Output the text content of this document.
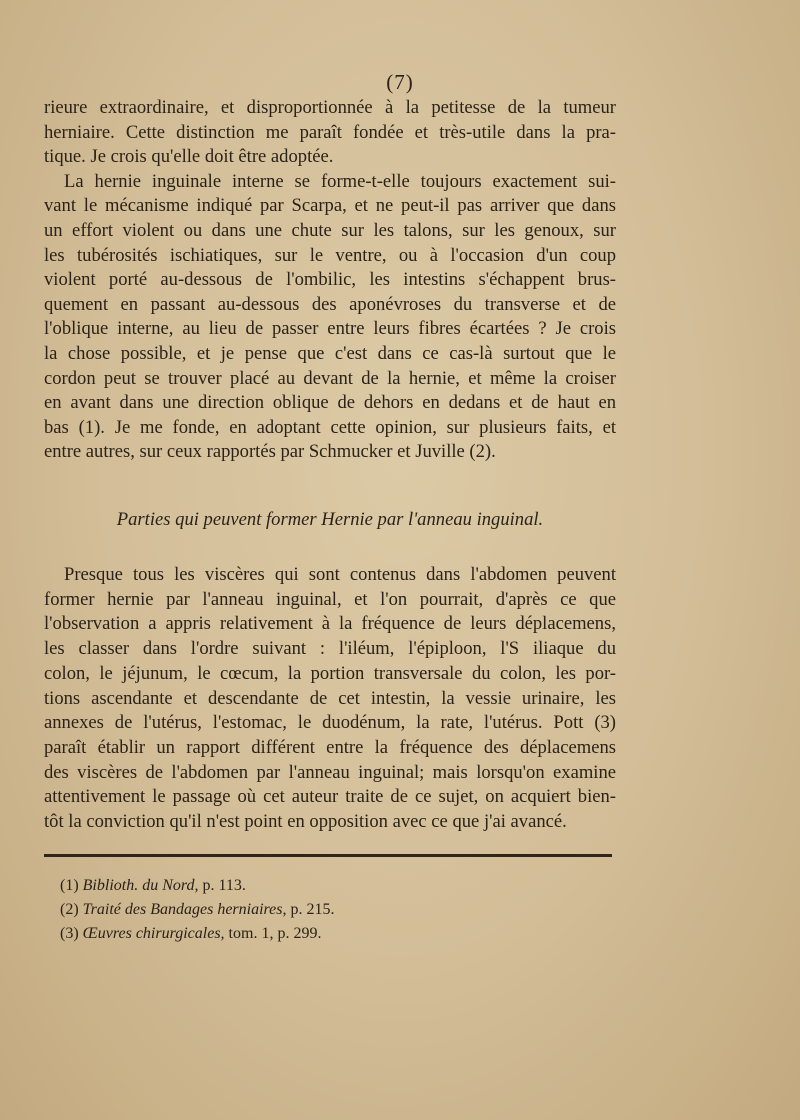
(7)
rieure extraordinaire, et disproportionnée à la petitesse de la tumeur
herniaire. Cette distinction me paraît fondée et très-utile dans la pra-
tique. Je crois qu'elle doit être adoptée.
La hernie inguinale interne se forme-t-elle toujours exactement sui-
vant le mécanisme indiqué par Scarpa, et ne peut-il pas arriver que dans
un effort violent ou dans une chute sur les talons, sur les genoux, sur
les tubérosités ischiatiques, sur le ventre, ou à l'occasion d'un coup
violent porté au-dessous de l'ombilic, les intestins s'échappent brus-
quement en passant au-dessous des aponévroses du transverse et de
l'oblique interne, au lieu de passer entre leurs fibres écartées ? Je crois
la chose possible, et je pense que c'est dans ce cas-là surtout que le
cordon peut se trouver placé au devant de la hernie, et même la croiser
en avant dans une direction oblique de dehors en dedans et de haut en
bas (1). Je me fonde, en adoptant cette opinion, sur plusieurs faits, et
entre autres, sur ceux rapportés par Schmucker et Juville (2).
Parties qui peuvent former Hernie par l'anneau inguinal.
Presque tous les viscères qui sont contenus dans l'abdomen peuvent
former hernie par l'anneau inguinal, et l'on pourrait, d'après ce que
l'observation a appris relativement à la fréquence de leurs déplacemens,
les classer dans l'ordre suivant : l'iléum, l'épiploon, l'S iliaque du
colon, le jéjunum, le cœcum, la portion transversale du colon, les por-
tions ascendante et descendante de cet intestin, la vessie urinaire, les
annexes de l'utérus, l'estomac, le duodénum, la rate, l'utérus. Pott (3)
paraît établir un rapport différent entre la fréquence des déplacemens
des viscères de l'abdomen par l'anneau inguinal; mais lorsqu'on examine
attentivement le passage où cet auteur traite de ce sujet, on acquiert bien-
tôt la conviction qu'il n'est point en opposition avec ce que j'ai avancé.
(1) Biblioth. du Nord, p. 113.
(2) Traité des Bandages herniaires, p. 215.
(3) Œuvres chirurgicales, tom. 1, p. 299.
